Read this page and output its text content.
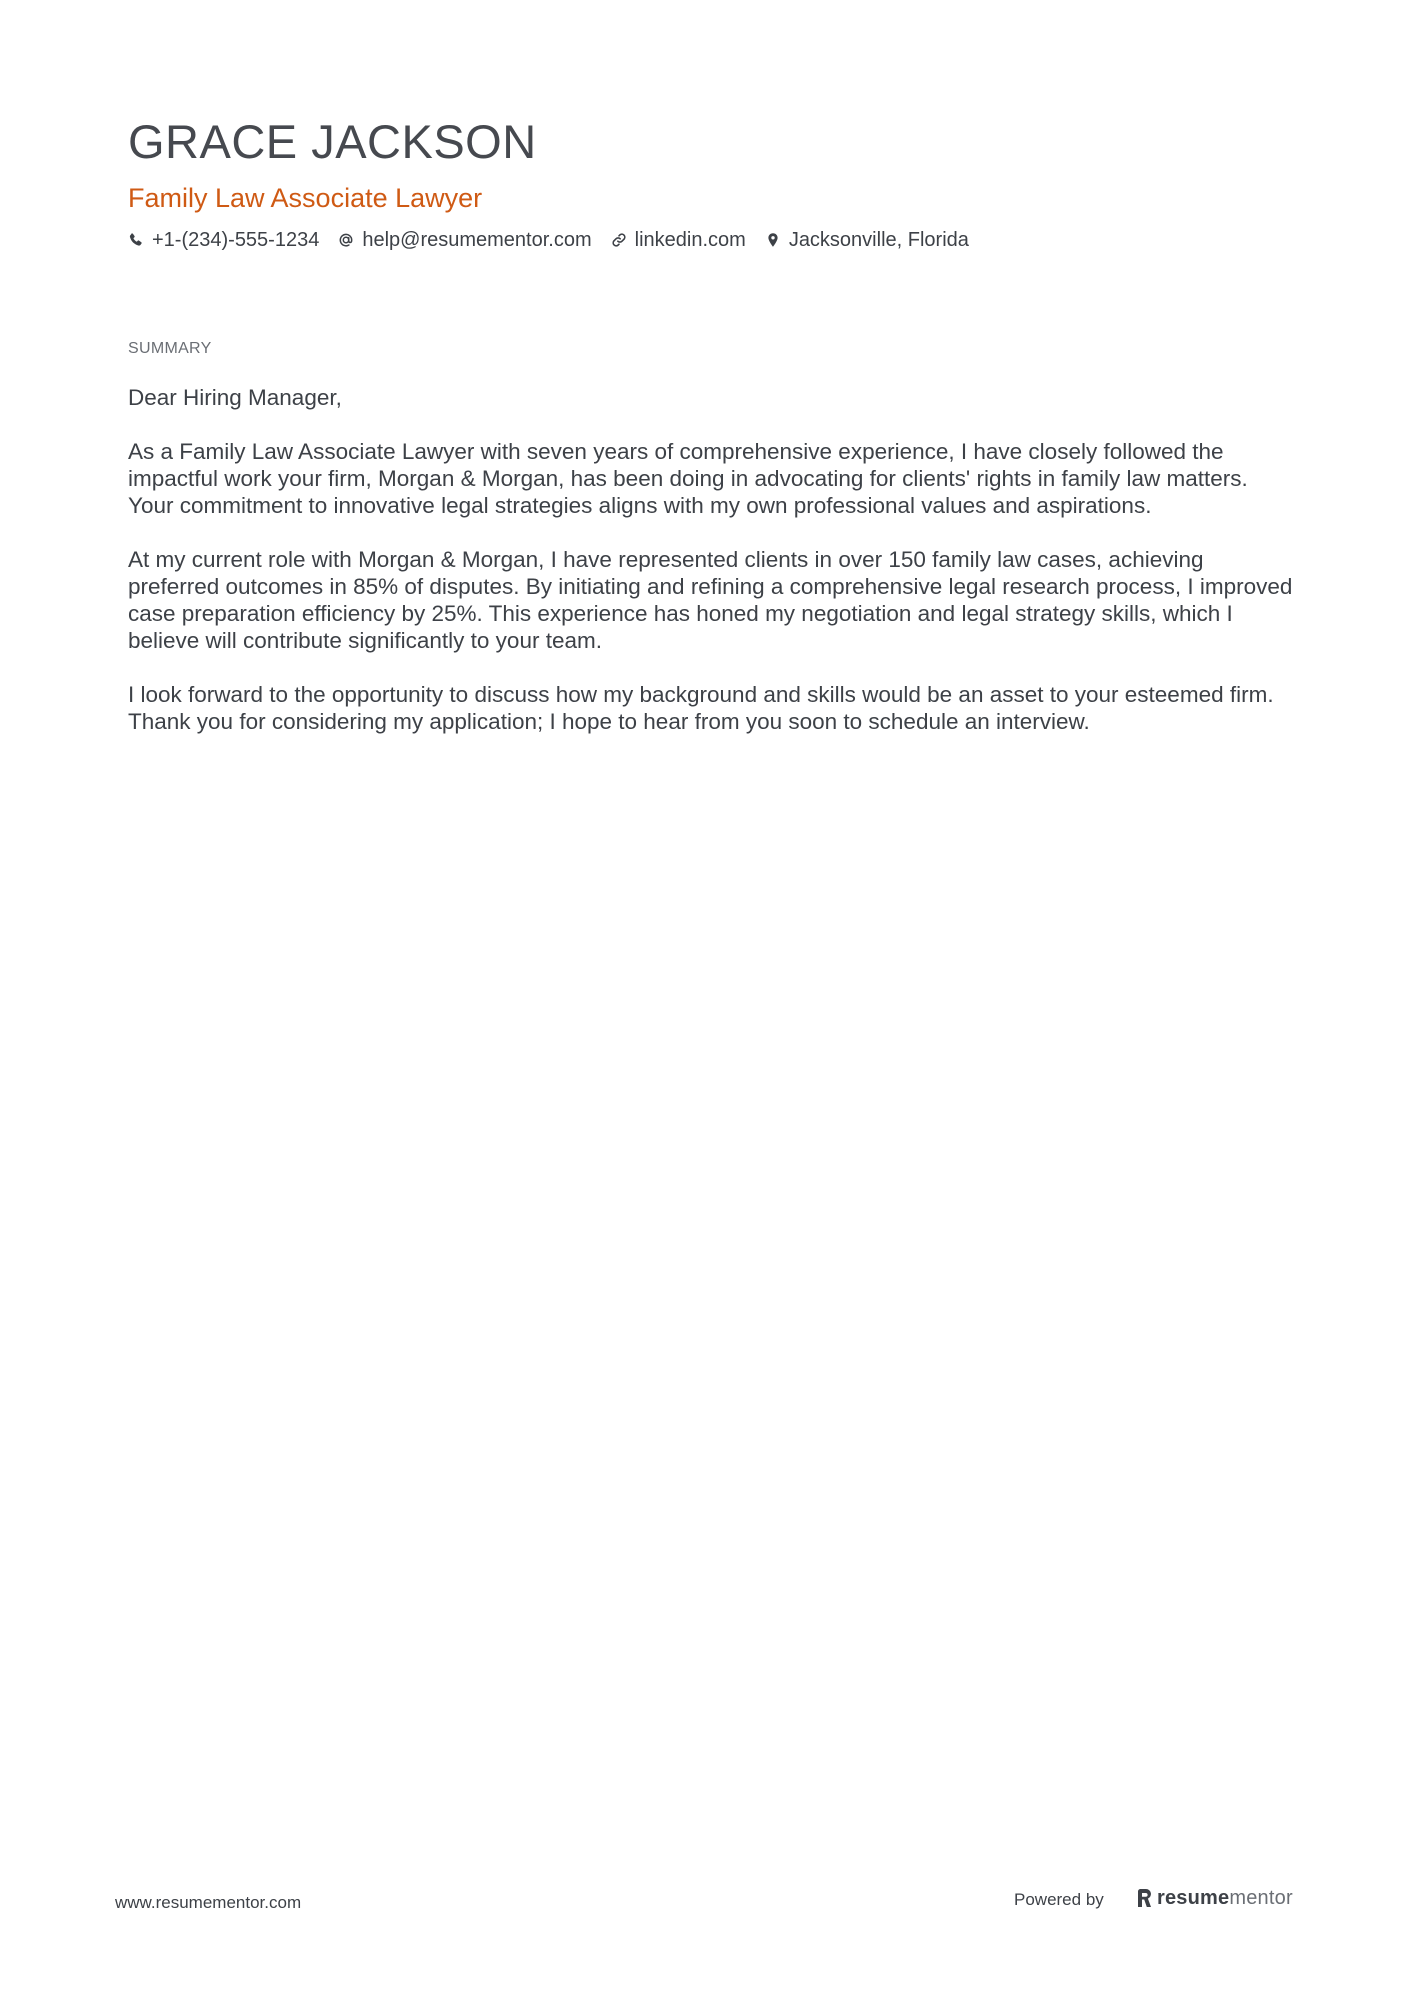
GRACE JACKSON
Family Law Associate Lawyer
+1-(234)-555-1234 help@resumementor.com linkedin.com Jacksonville, Florida
SUMMARY

Dear Hiring Manager,

As a Family Law Associate Lawyer with seven years of comprehensive experience, I have closely followed the impactful work your firm, Morgan & Morgan, has been doing in advocating for clients' rights in family law matters. Your commitment to innovative legal strategies aligns with my own professional values and aspirations.

At my current role with Morgan & Morgan, I have represented clients in over 150 family law cases, achieving preferred outcomes in 85% of disputes. By initiating and refining a comprehensive legal research process, I improved case preparation efficiency by 25%. This experience has honed my negotiation and legal strategy skills, which I believe will contribute significantly to your team.

I look forward to the opportunity to discuss how my background and skills would be an asset to your esteemed firm. Thank you for considering my application; I hope to hear from you soon to schedule an interview.

www.resumementor.com	Powered by	resumementor
